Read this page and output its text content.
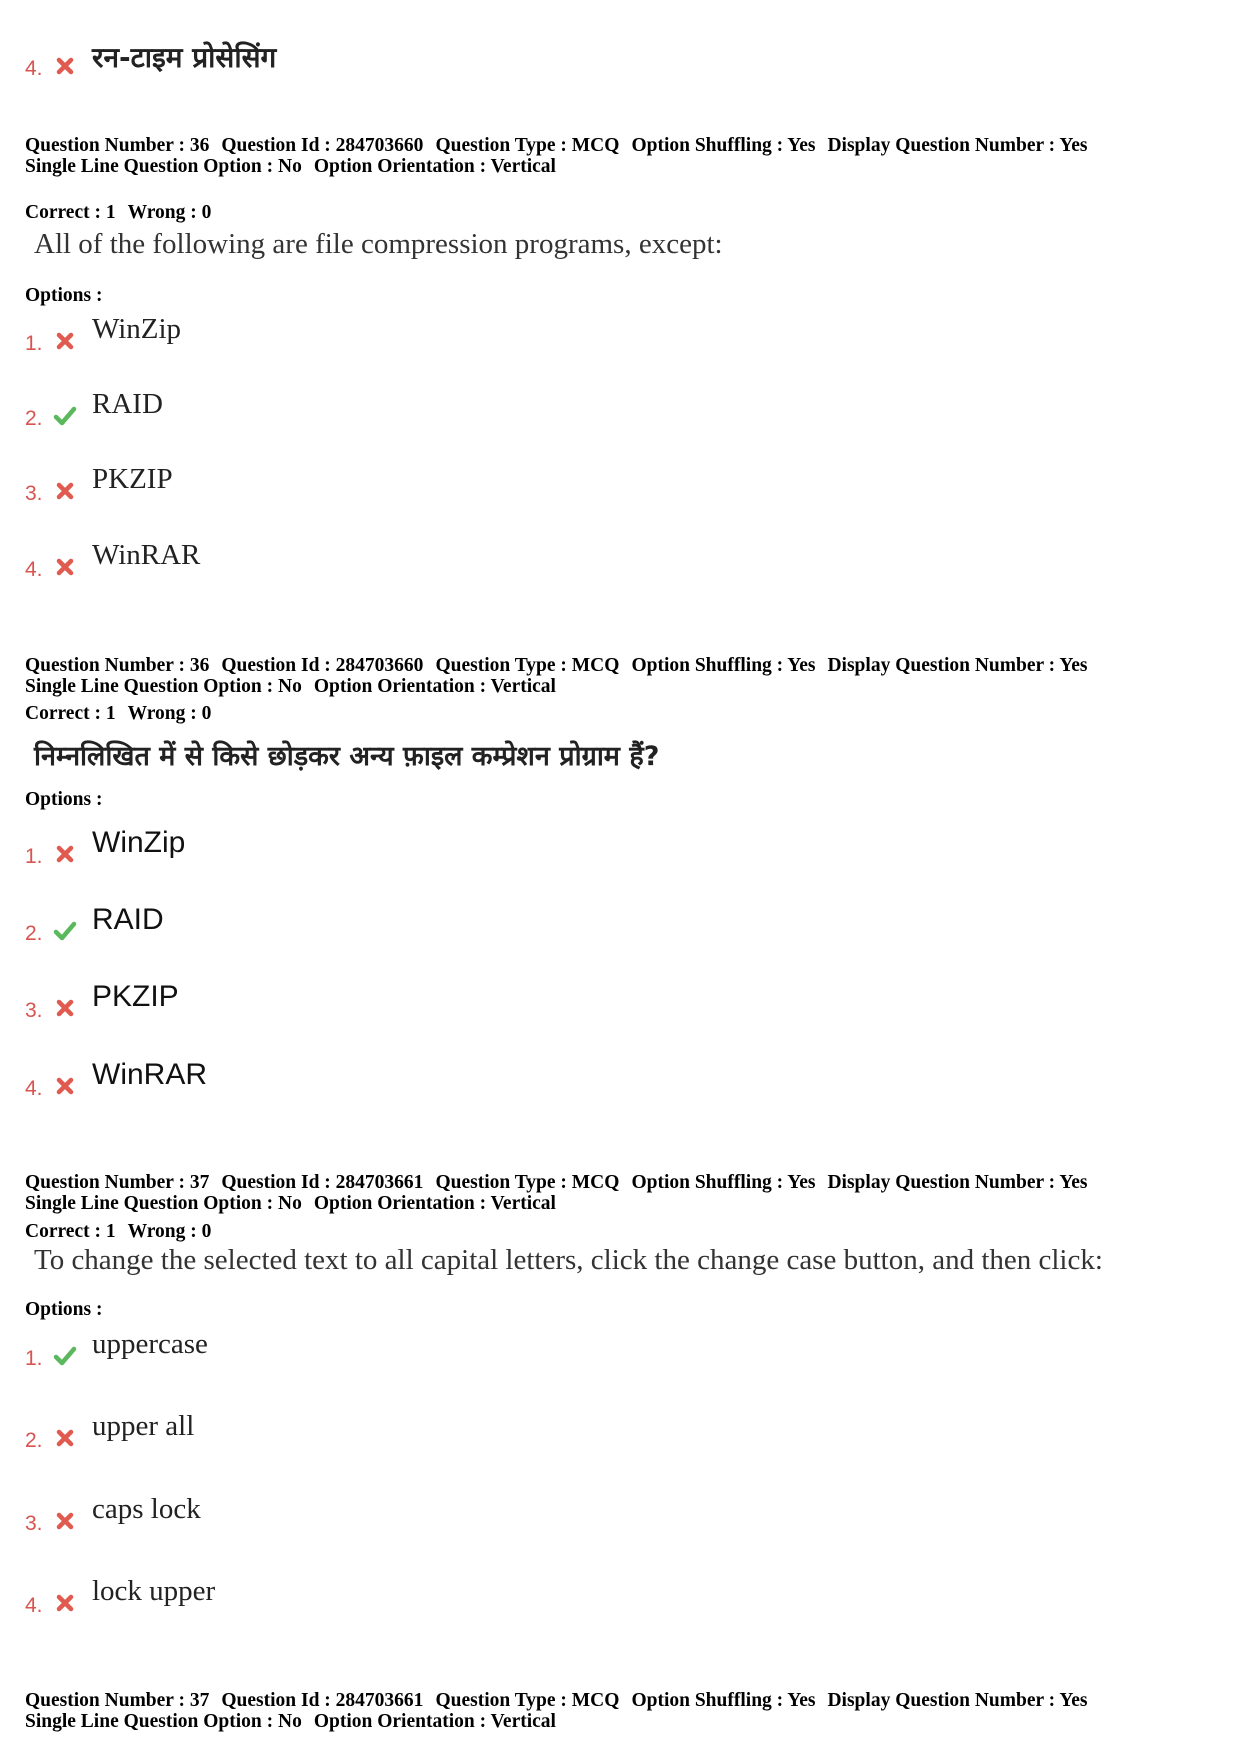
4. रन-टाइम प्रोसेसिंग
Question Number : 36 Question Id : 284703660 Question Type : MCQ Option Shuffling : Yes Display Question Number : Yes
Single Line Question Option : No Option Orientation : Vertical
Correct : 1 Wrong : 0
All of the following are file compression programs, except:
Options :
1. WinZip
2. RAID
3. PKZIP
4. WinRAR
Question Number : 36 Question Id : 284703660 Question Type : MCQ Option Shuffling : Yes Display Question Number : Yes
Single Line Question Option : No Option Orientation : Vertical
Correct : 1 Wrong : 0
निम्नलिखित में से किसे छोड़कर अन्य फ़ाइल कम्प्रेशन प्रोग्राम हैं?
Options :
1. WinZip
2. RAID
3. PKZIP
4. WinRAR
Question Number : 37 Question Id : 284703661 Question Type : MCQ Option Shuffling : Yes Display Question Number : Yes
Single Line Question Option : No Option Orientation : Vertical
Correct : 1 Wrong : 0
To change the selected text to all capital letters, click the change case button, and then click:
Options :
1. uppercase
2. upper all
3. caps lock
4. lock upper
Question Number : 37 Question Id : 284703661 Question Type : MCQ Option Shuffling : Yes Display Question Number : Yes
Single Line Question Option : No Option Orientation : Vertical
